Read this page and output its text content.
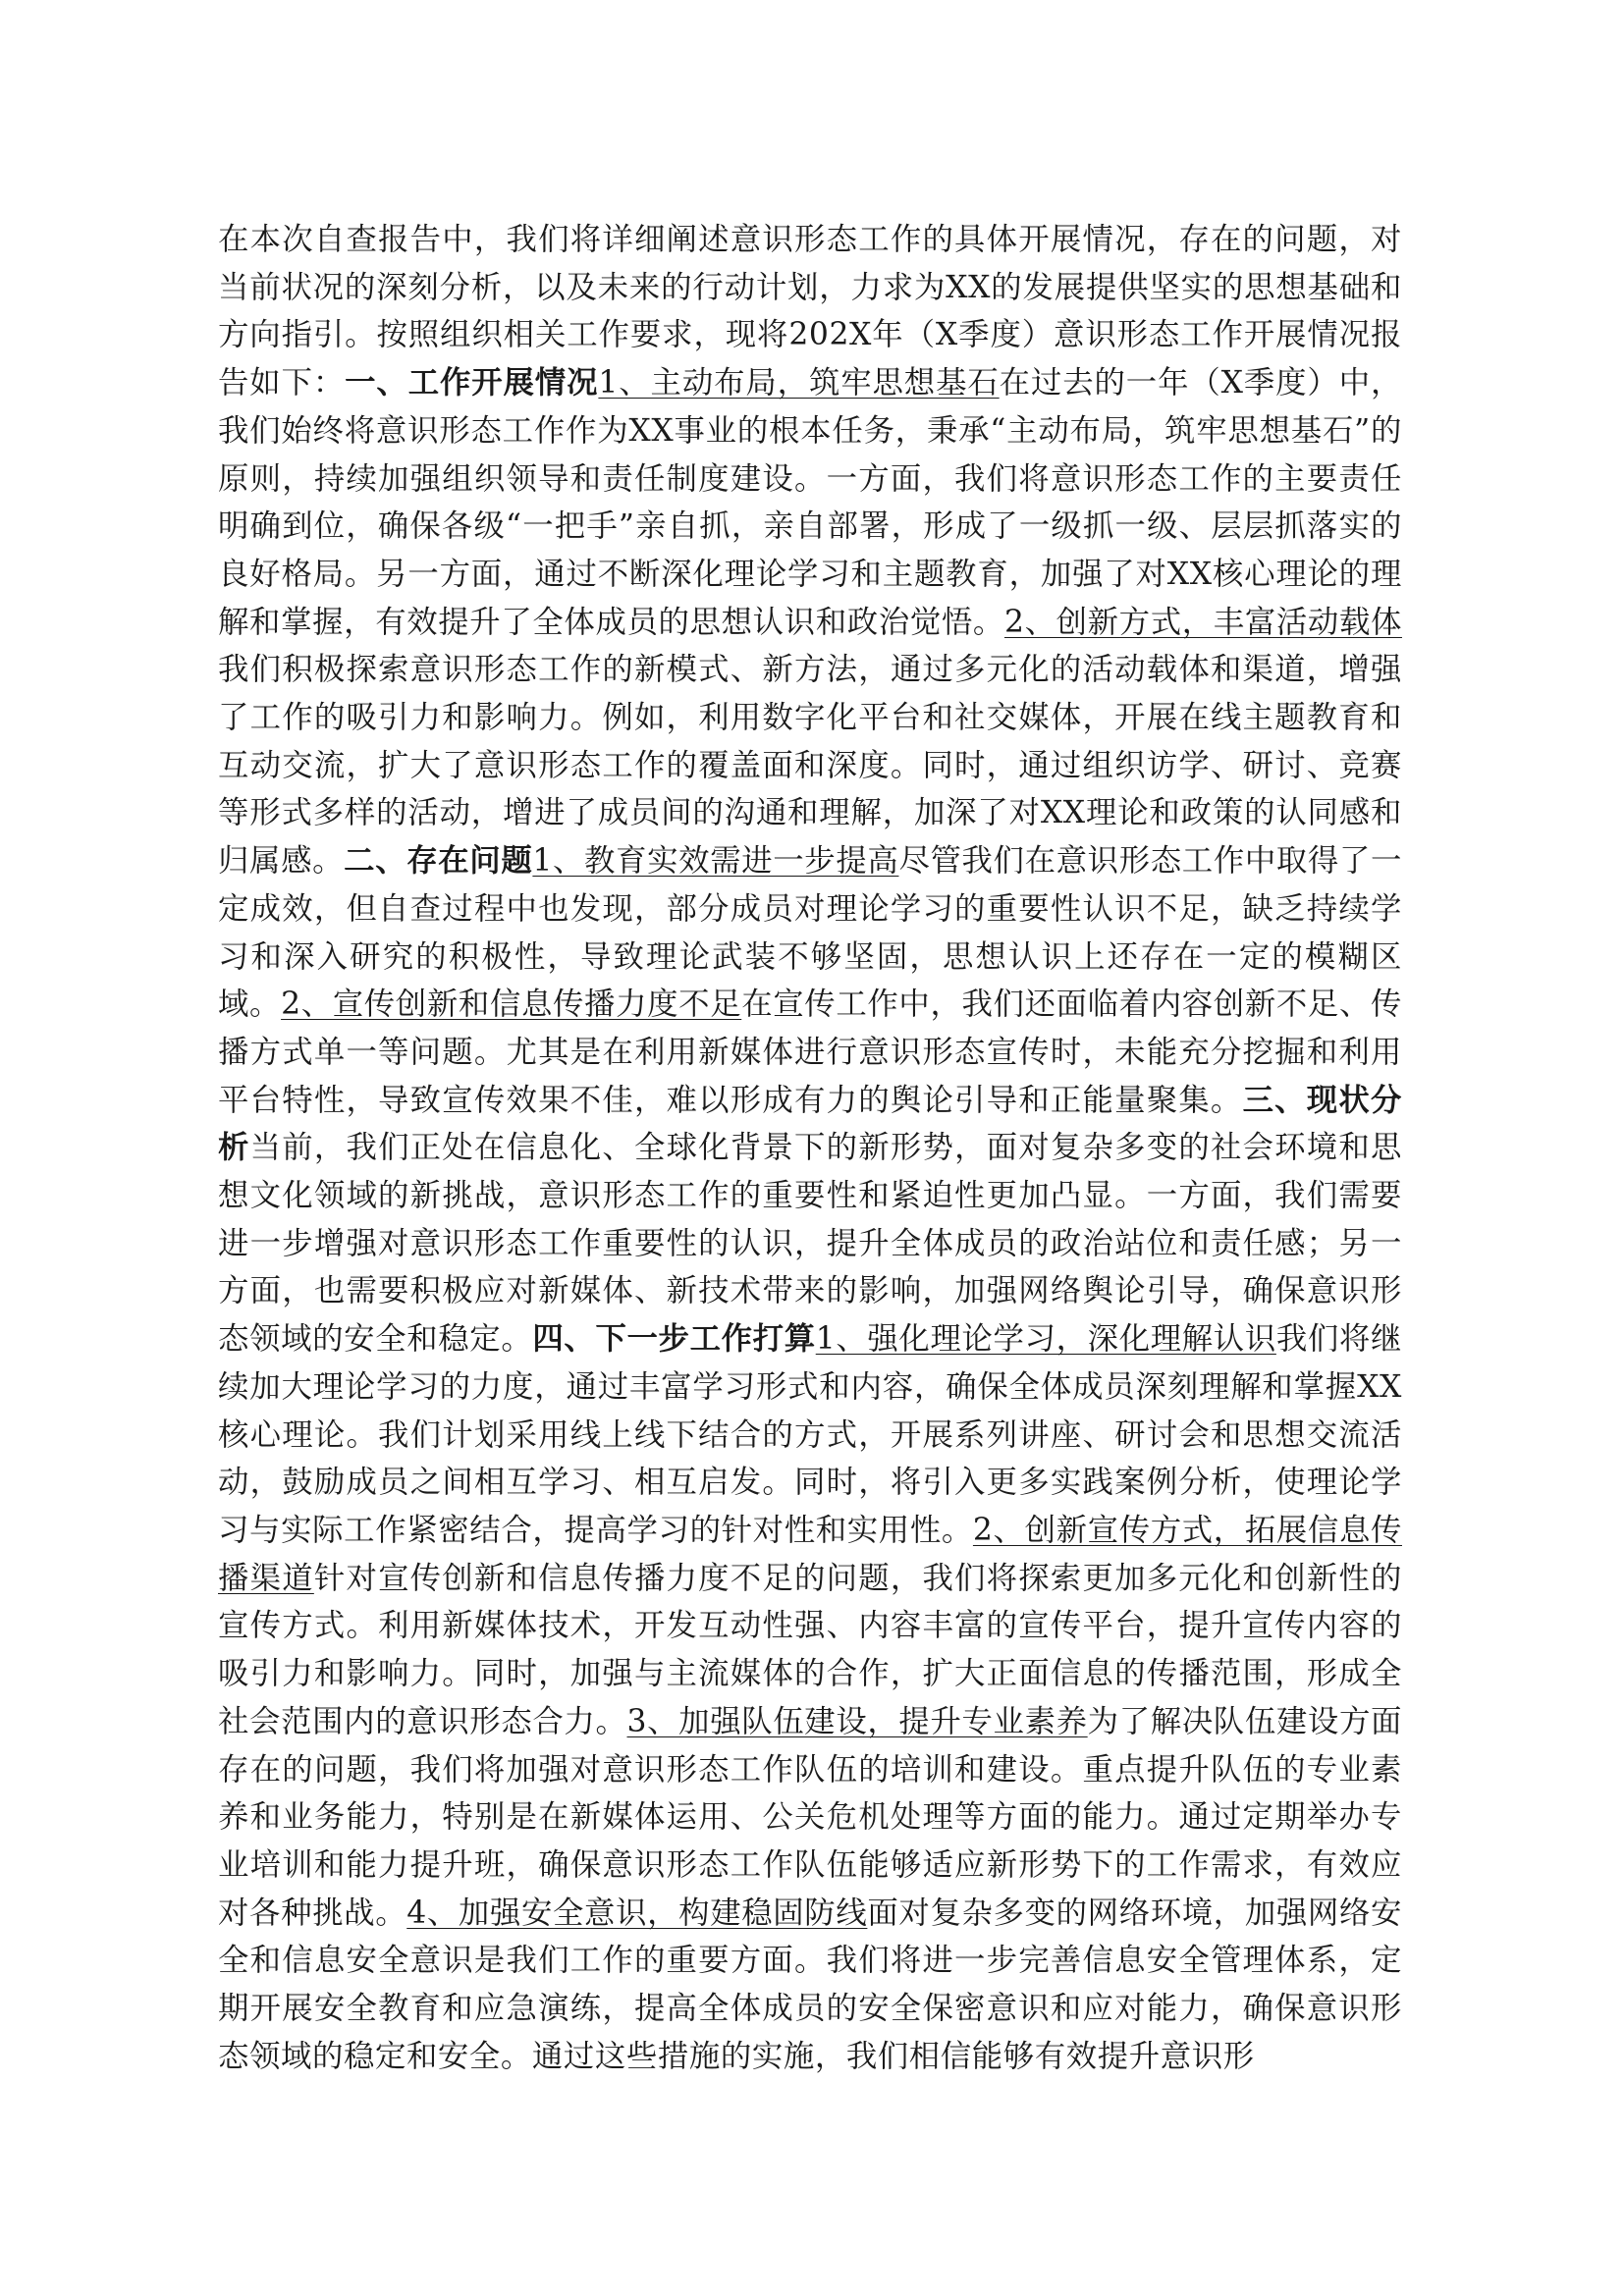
在本次自查报告中，我们将详细阐述意识形态工作的具体开展情况，存在的问题，对当前状况的深刻分析，以及未来的行动计划，力求为XX的发展提供坚实的思想基础和方向指引。按照组织相关工作要求，现将202X年（X季度）意识形态工作开展情况报告如下：一、工作开展情况1、主动布局，筑牢思想基石在过去的一年（X季度）中，我们始终将意识形态工作作为XX事业的根本任务，秉承“主动布局，筑牢思想基石”的原则，持续加强组织领导和责任制度建设。一方面，我们将意识形态工作的主要责任明确到位，确保各级“一把手”亲自抓，亲自部署，形成了一级抓一级、层层抓落实的良好格局。另一方面，通过不断深化理论学习和主题教育，加强了对XX核心理论的理解和掌握，有效提升了全体成员的思想认识和政治觉悟。2、创新方式，丰富活动载体我们积极探索意识形态工作的新模式、新方法，通过多元化的活动载体和渠道，增强了工作的吸引力和影响力。例如，利用数字化平台和社交媒体，开展在线主题教育和互动交流，扩大了意识形态工作的覆盖面和深度。同时，通过组织访学、研讨、竞赛等形式多样的活动，增进了成员间的沟通和理解，加深了对XX理论和政策的认同感和归属感。二、存在问题1、教育实效需进一步提高尽管我们在意识形态工作中取得了一定成效，但自查过程中也发现，部分成员对理论学习的重要性认识不足，缺乏持续学习和深入研究的积极性，导致理论武装不够坚固，思想认识上还存在一定的模糊区域。2、宣传创新和信息传播力度不足在宣传工作中，我们还面临着内容创新不足、传播方式单一等问题。尤其是在利用新媒体进行意识形态宣传时，未能充分挖掘和利用平台特性，导致宣传效果不佳，难以形成有力的舆论引导和正能量聚集。三、现状分析当前，我们正处在信息化、全球化背景下的新形势，面对复杂多变的社会环境和思想文化领域的新挑战，意识形态工作的重要性和紧迫性更加凸显。一方面，我们需要进一步增强对意识形态工作重要性的认识，提升全体成员的政治站位和责任感；另一方面，也需要积极应对新媒体、新技术带来的影响，加强网络舆论引导，确保意识形态领域的安全和稳定。四、下一步工作打算1、强化理论学习，深化理解认识我们将继续加大理论学习的力度，通过丰富学习形式和内容，确保全体成员深刻理解和掌握XX核心理论。我们计划采用线上线下结合的方式，开展系列讲座、研讨会和思想交流活动，鼓励成员之间相互学习、相互启发。同时，将引入更多实践案例分析，使理论学习与实际工作紧密结合，提高学习的针对性和实用性。2、创新宣传方式，拓展信息传播渠道针对宣传创新和信息传播力度不足的问题，我们将探索更加多元化和创新性的宣传方式。利用新媒体技术，开发互动性强、内容丰富的宣传平台，提升宣传内容的吸引力和影响力。同时，加强与主流媒体的合作，扩大正面信息的传播范围，形成全社会范围内的意识形态合力。3、加强队伍建设，提升专业素养为了解决队伍建设方面存在的问题，我们将加强对意识形态工作队伍的培训和建设。重点提升队伍的专业素养和业务能力，特别是在新媒体运用、公关危机处理等方面的能力。通过定期举办专业培训和能力提升班，确保意识形态工作队伍能够适应新形势下的工作需求，有效应对各种挑战。4、加强安全意识，构建稳固防线面对复杂多变的网络环境，加强网络安全和信息安全意识是我们工作的重要方面。我们将进一步完善信息安全管理体系，定期开展安全教育和应急演练，提高全体成员的安全保密意识和应对能力，确保意识形态领域的稳定和安全。通过这些措施的实施，我们相信能够有效提升意识形
